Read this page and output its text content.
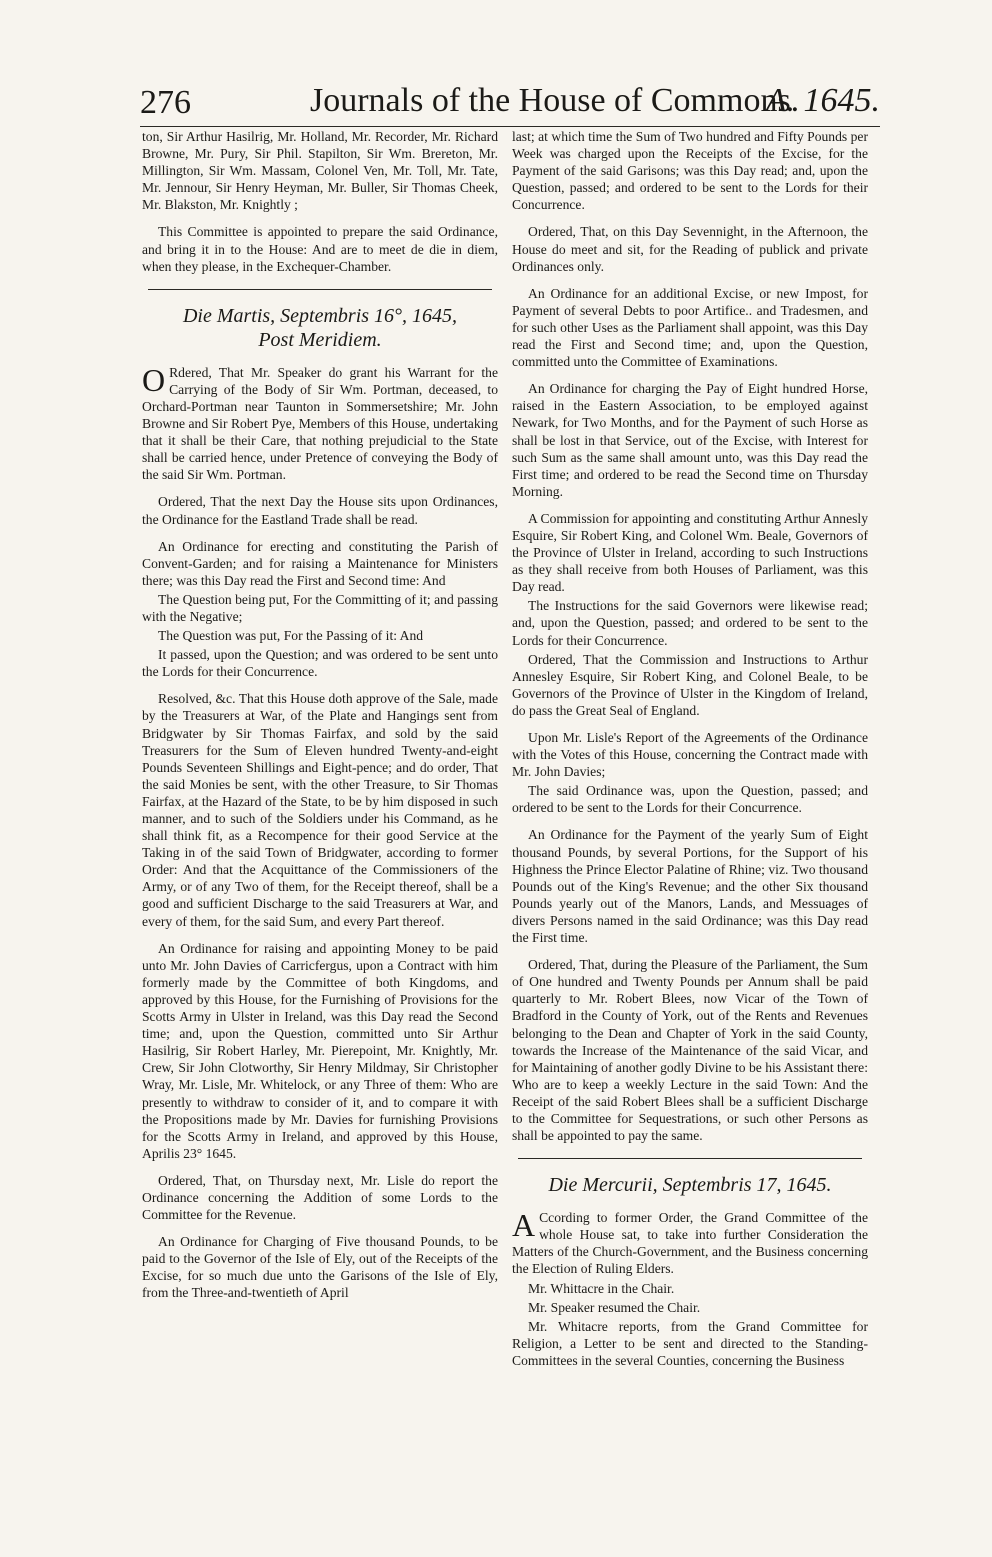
276	Journals of the House of Commons.
A. 1645.

ton, Sir Arthur Hasilrig, Mr. Holland, Mr. Recorder, Mr. Richard Browne, Mr. Pury, Sir Phil. Stapilton, Sir Wm. Brereton, Mr. Millington, Sir Wm. Massam, Colonel Ven, Mr. Toll, Mr. Tate, Mr. Jennour, Sir Henry Heyman, Mr. Buller, Sir Thomas Cheek, Mr. Blakston, Mr. Knightly ;

This Committee is appointed to prepare the said Ordinance, and bring it in to the House: And are to meet de die in diem, when they please, in the Exchequer-Chamber.

Die Martis, Septembris 16°, 1645,
Post Meridiem.

O Rdered, That Mr. Speaker do grant his Warrant for the Carrying of the Body of Sir Wm. Portman, deceased, to Orchard-Portman near Taunton in Sommersetshire; Mr. John Browne and Sir Robert Pye, Members of this House, undertaking that it shall be their Care, that nothing prejudicial to the State shall be carried hence, under Pretence of conveying the Body of the said Sir Wm. Portman.

Ordered, That the next Day the House sits upon Ordinances, the Ordinance for the Eastland Trade shall be read.

An Ordinance for erecting and constituting the Parish of Convent-Garden; and for raising a Maintenance for Ministers there; was this Day read the First and Second time: And

The Question being put, For the Committing of it; and passing with the Negative;

The Question was put, For the Passing of it: And

It passed, upon the Question; and was ordered to be sent unto the Lords for their Concurrence.

Resolved, &c. That this House doth approve of the Sale, made by the Treasurers at War, of the Plate and Hangings sent from Bridgwater by Sir Thomas Fairfax, and sold by the said Treasurers for the Sum of Eleven hundred Twenty-and-eight Pounds Seventeen Shillings and Eight-pence; and do order, That the said Monies be sent, with the other Treasure, to Sir Thomas Fairfax, at the Hazard of the State, to be by him disposed in such manner, and to such of the Soldiers under his Command, as he shall think fit, as a Recompence for their good Service at the Taking in of the said Town of Bridgwater, according to former Order: And that the Acquittance of the Commissioners of the Army, or of any Two of them, for the Receipt thereof, shall be a good and sufficient Discharge to the said Treasurers at War, and every of them, for the said Sum, and every Part thereof.

An Ordinance for raising and appointing Money to be paid unto Mr. John Davies of Carricfergus, upon a Contract with him formerly made by the Committee of both Kingdoms, and approved by this House, for the Furnishing of Provisions for the Scotts Army in Ulster in Ireland, was this Day read the Second time; and, upon the Question, committed unto Sir Arthur Hasilrig, Sir Robert Harley, Mr. Pierepoint, Mr. Knightly, Mr. Crew, Sir John Clotworthy, Sir Henry Mildmay, Sir Christopher Wray, Mr. Lisle, Mr. Whitelock, or any Three of them: Who are presently to withdraw to consider of it, and to compare it with the Propositions made by Mr. Davies for furnishing Provisions for the Scotts Army in Ireland, and approved by this House, Aprilis 23° 1645.

Ordered, That, on Thursday next, Mr. Lisle do report the Ordinance concerning the Addition of some Lords to the Committee for the Revenue.

An Ordinance for Charging of Five thousand Pounds, to be paid to the Governor of the Isle of Ely, out of the Receipts of the Excise, for so much due unto the Garisons of the Isle of Ely, from the Three-and-twentieth of April

last; at which time the Sum of Two hundred and Fifty Pounds per Week was charged upon the Receipts of the Excise, for the Payment of the said Garisons; was this Day read; and, upon the Question, passed; and ordered to be sent to the Lords for their Concurrence.

Ordered, That, on this Day Sevennight, in the Afternoon, the House do meet and sit, for the Reading of publick and private Ordinances only.

An Ordinance for an additional Excise, or new Impost, for Payment of several Debts to poor Artifice.. and Tradesmen, and for such other Uses as the Parliament shall appoint, was this Day read the First and Second time; and, upon the Question, committed unto the Committee of Examinations.

An Ordinance for charging the Pay of Eight hundred Horse, raised in the Eastern Association, to be employed against Newark, for Two Months, and for the Payment of such Horse as shall be lost in that Service, out of the Excise, with Interest for such Sum as the same shall amount unto, was this Day read the First time; and ordered to be read the Second time on Thursday Morning.

A Commission for appointing and constituting Arthur Annesly Esquire, Sir Robert King, and Colonel Wm. Beale, Governors of the Province of Ulster in Ireland, according to such Instructions as they shall receive from both Houses of Parliament, was this Day read.

The Instructions for the said Governors were likewise read; and, upon the Question, passed; and ordered to be sent to the Lords for their Concurrence.

Ordered, That the Commission and Instructions to Arthur Annesley Esquire, Sir Robert King, and Colonel Beale, to be Governors of the Province of Ulster in the Kingdom of Ireland, do pass the Great Seal of England.

Upon Mr. Lisle's Report of the Agreements of the Ordinance with the Votes of this House, concerning the Contract made with Mr. John Davies;

The said Ordinance was, upon the Question, passed; and ordered to be sent to the Lords for their Concurrence.

An Ordinance for the Payment of the yearly Sum of Eight thousand Pounds, by several Portions, for the Support of his Highness the Prince Elector Palatine of Rhine; viz. Two thousand Pounds out of the King's Revenue; and the other Six thousand Pounds yearly out of the Manors, Lands, and Messuages of divers Persons named in the said Ordinance; was this Day read the First time.

Ordered, That, during the Pleasure of the Parliament, the Sum of One hundred and Twenty Pounds per Annum shall be paid quarterly to Mr. Robert Blees, now Vicar of the Town of Bradford in the County of York, out of the Rents and Revenues belonging to the Dean and Chapter of York in the said County, towards the Increase of the Maintenance of the said Vicar, and for Maintaining of another godly Divine to be his Assistant there: Who are to keep a weekly Lecture in the said Town: And the Receipt of the said Robert Blees shall be a sufficient Discharge to the Committee for Sequestrations, or such other Persons as shall be appointed to pay the same.

Die Mercurii, Septembris 17, 1645.

A Ccording to former Order, the Grand Committee of the whole House sat, to take into further Consideration the Matters of the Church-Government, and the Business concerning the Election of Ruling Elders.

Mr. Whittacre in the Chair.

Mr. Speaker resumed the Chair.

Mr. Whitacre reports, from the Grand Committee for Religion, a Letter to be sent and directed to the Standing-Committees in the several Counties, concerning the Business
